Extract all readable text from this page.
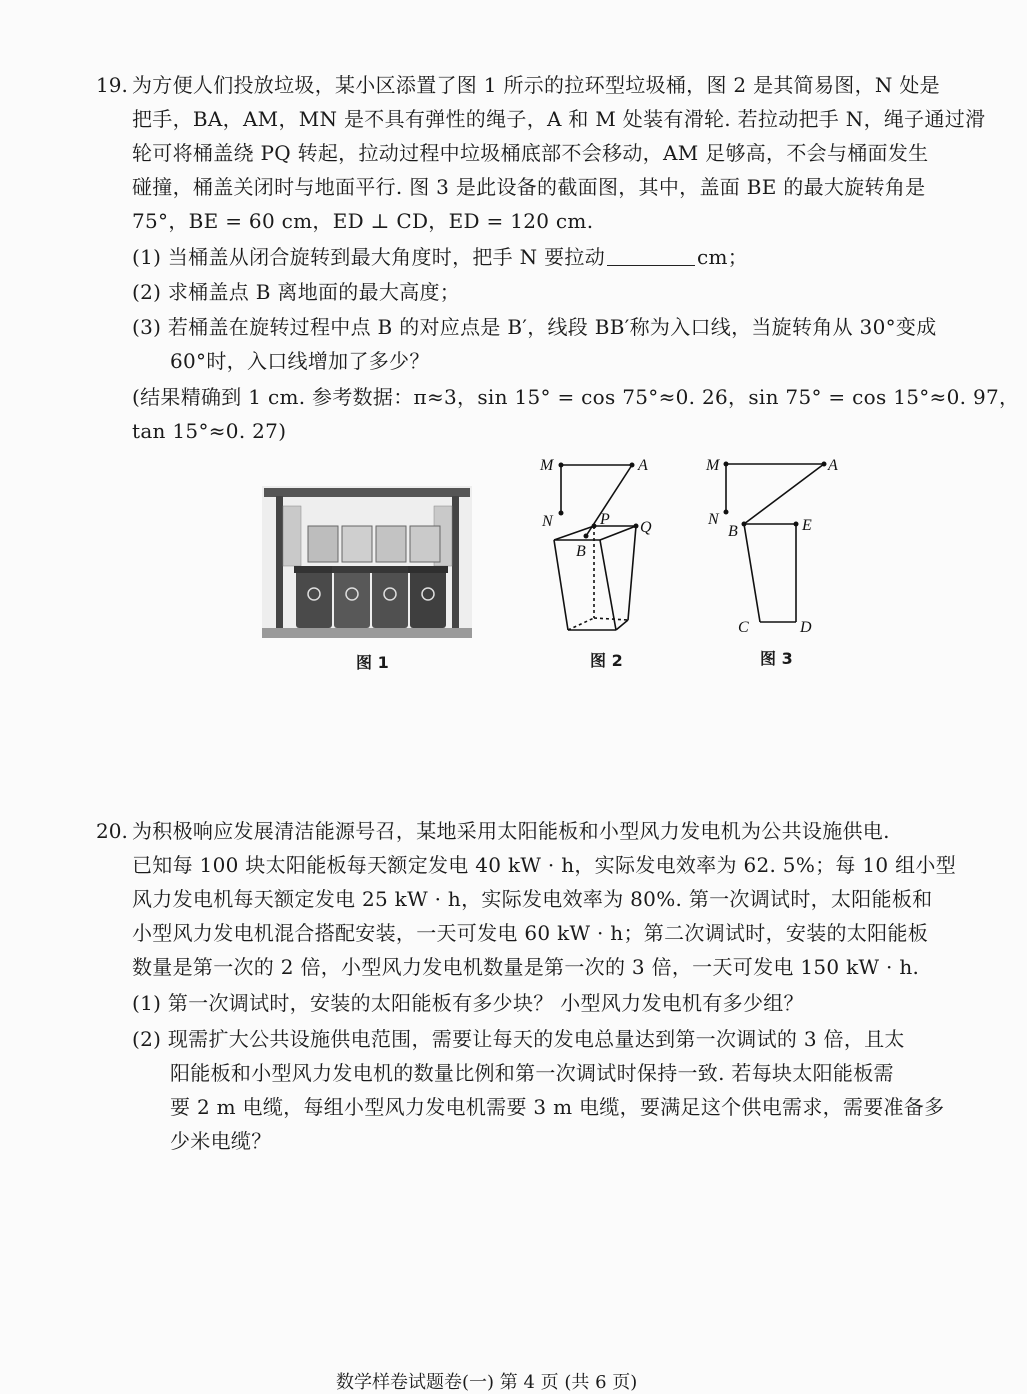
19. 为方便人们投放垃圾，某小区添置了图 1 所示的拉环型垃圾桶，图 2 是其简易图，N 处是
把手，BA，AM，MN 是不具有弹性的绳子，A 和 M 处装有滑轮. 若拉动把手 N，绳子通过滑
轮可将桶盖绕 PQ 转起，拉动过程中垃圾桶底部不会移动，AM 足够高，不会与桶面发生
碰撞，桶盖关闭时与地面平行. 图 3 是此设备的截面图，其中，盖面 BE 的最大旋转角是
75°，BE = 60 cm，ED ⊥ CD，ED = 120 cm.
(1) 当桶盖从闭合旋转到最大角度时，把手 N 要拉动	cm；
(2) 求桶盖点 B 离地面的最大高度；
(3) 若桶盖在旋转过程中点 B 的对应点是 B′，线段 BB′称为入口线，当旋转角从 30°变成
60°时，入口线增加了多少？
(结果精确到 1 cm. 参考数据：π≈3，sin 15° = cos 75°≈0. 26，sin 75° = cos 15°≈0. 97，
tan 15°≈0. 27)
图 1
M	A
N	P Q
B
图 2
M	A
N
B	E
C	D
图 3
20. 为积极响应发展清洁能源号召，某地采用太阳能板和小型风力发电机为公共设施供电.
已知每 100 块太阳能板每天额定发电 40 kW · h，实际发电效率为 62. 5%；每 10 组小型
风力发电机每天额定发电 25 kW · h，实际发电效率为 80%. 第一次调试时，太阳能板和
小型风力发电机混合搭配安装，一天可发电 60 kW · h；第二次调试时，安装的太阳能板
数量是第一次的 2 倍，小型风力发电机数量是第一次的 3 倍，一天可发电 150 kW · h.
(1) 第一次调试时，安装的太阳能板有多少块？ 小型风力发电机有多少组？
(2) 现需扩大公共设施供电范围，需要让每天的发电总量达到第一次调试的 3 倍，且太
阳能板和小型风力发电机的数量比例和第一次调试时保持一致. 若每块太阳能板需
要 2 m 电缆，每组小型风力发电机需要 3 m 电缆，要满足这个供电需求，需要准备多
少米电缆？
数学样卷试题卷(一) 第 4 页 (共 6 页)
